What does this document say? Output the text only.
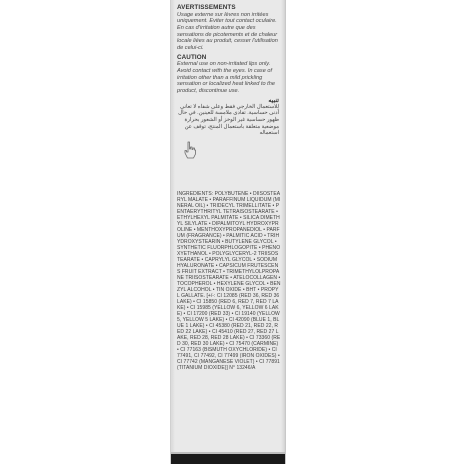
AVERTISSEMENTS

Usage externe sur lèvres non irritées uniquement. Eviter tout contact oculaire. En cas d'irritation autre que des sensations de picotements et de chaleur locale liées au produit, cesser l'utilisation de celui-ci.

CAUTION

External use on non-irritated lips only. Avoid contact with the eyes. In case of irritation other than a mild prickling sensation or localized heat linked to the product, discontinue use.

تنبيه

للاستعمال الخارجي فقط وعلى شفاه لا تعاني أدنى حساسية. تفادى ملامسة للعينين. في حال ظهور حساسية غير الوخز أو الشعور بحرارة موضعية متعلقة باستعمال المنتج، توقف عن استعماله

INGREDIENTS: POLYBUTENE • DIISOSTEARYL MALATE • PARAFFINUM LIQUIDUM (MINERAL OIL) • TRIDECYL TRIMELLITATE • PENTAERYTHRITYL TETRAISOSTEARATE • ETHYLHEXYL PALMITATE • SILICA DIMETHYL SILYLATE • DIPALMITOYL HYDROXYPROLINE • MENTHOXYPROPANEDIOL • PARFUM (FRAGRANCE) • PALMITIC ACID • TRIHYDROXYSTEARIN • BUTYLENE GLYCOL • SYNTHETIC FLUORPHLOGOPITE • PHENOXYETHANOL • POLYGLYCERYL-2 TRIISOSTEARATE • CAPRYLYL GLYCOL • SODIUM HYALURONATE • CAPSICUM FRUTESCENS FRUIT EXTRACT • TRIMETHYLOLPROPANE TRIISOSTEARATE • ATELOCOLLAGEN • TOCOPHEROL • HEXYLENE GLYCOL • BENZYL ALCOHOL • TIN OXIDE • BHT • PROPYL GALLATE. [+/-: CI 12085 (RED 36, RED 36 LAKE) • CI 15850 (RED 6, RED 7, RED 7 LAKE) • CI 15985 (YELLOW 6, YELLOW 6 LAKE) • CI 17200 (RED 33) • CI 19140 (YELLOW 5, YELLOW 5 LAKE) • CI 42090 (BLUE 1, BLUE 1 LAKE) • CI 45380 (RED 21, RED 22, RED 22 LAKE) • CI 45410 (RED 27, RED 27 LAKE, RED 28, RED 28 LAKE) • CI 73360 (RED 30, RED 30 LAKE) • CI 75470 (CARMINE) • CI 77163 (BISMUTH OXYCHLORIDE) • CI 77491, CI 77492, CI 77499 (IRON OXIDES) • CI 77742 (MANGANESE VIOLET) • CI 77891 (TITANIUM DIOXIDE)] N° 13246/A
